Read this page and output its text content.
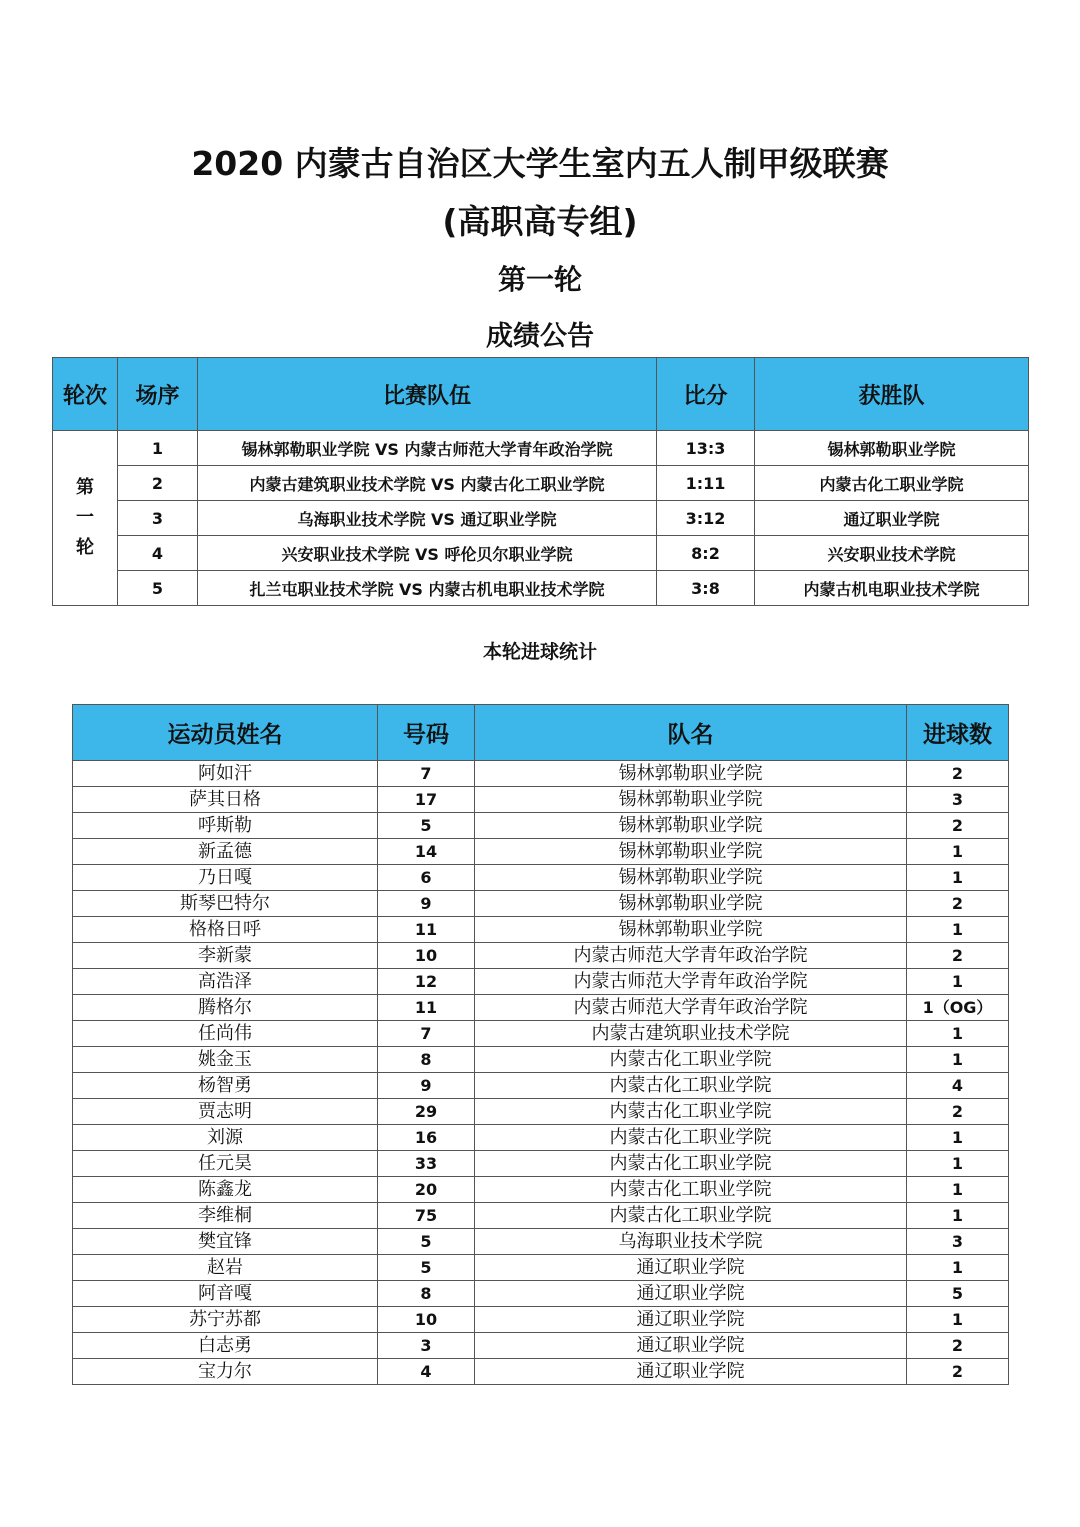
2020 内蒙古自治区大学生室内五人制甲级联赛
(高职高专组)
第一轮
成绩公告
轮次	场序	比赛队伍	比分	获胜队

第
一
轮	1	锡林郭勒职业学院 VS 内蒙古师范大学青年政治学院	13:3	锡林郭勒职业学院
	2	内蒙古建筑职业技术学院 VS 内蒙古化工职业学院	1:11	内蒙古化工职业学院
	3	乌海职业技术学院 VS 通辽职业学院	3:12	通辽职业学院
	4	兴安职业技术学院 VS 呼伦贝尔职业学院	8:2	兴安职业技术学院
	5	扎兰屯职业技术学院 VS 内蒙古机电职业技术学院	3:8	内蒙古机电职业技术学院
本轮进球统计
运动员姓名	号码	队名	进球数
阿如汗	7	锡林郭勒职业学院	2
萨其日格	17	锡林郭勒职业学院	3
呼斯勒	5	锡林郭勒职业学院	2
新孟德	14	锡林郭勒职业学院	1
乃日嘎	6	锡林郭勒职业学院	1
斯琴巴特尔	9	锡林郭勒职业学院	2
格格日呼	11	锡林郭勒职业学院	1
李新蒙	10	内蒙古师范大学青年政治学院	2
高浩泽	12	内蒙古师范大学青年政治学院	1
腾格尔	11	内蒙古师范大学青年政治学院	1（OG）
任尚伟	7	内蒙古建筑职业技术学院	1
姚金玉	8	内蒙古化工职业学院	1
杨智勇	9	内蒙古化工职业学院	4
贾志明	29	内蒙古化工职业学院	2
刘源	16	内蒙古化工职业学院	1
任元昊	33	内蒙古化工职业学院	1
陈鑫龙	20	内蒙古化工职业学院	1
李维桐	75	内蒙古化工职业学院	1
樊宜锋	5	乌海职业技术学院	3
赵岩	5	通辽职业学院	1
阿音嘎	8	通辽职业学院	5
苏宁苏都	10	通辽职业学院	1
白志勇	3	通辽职业学院	2
宝力尔	4	通辽职业学院	2
